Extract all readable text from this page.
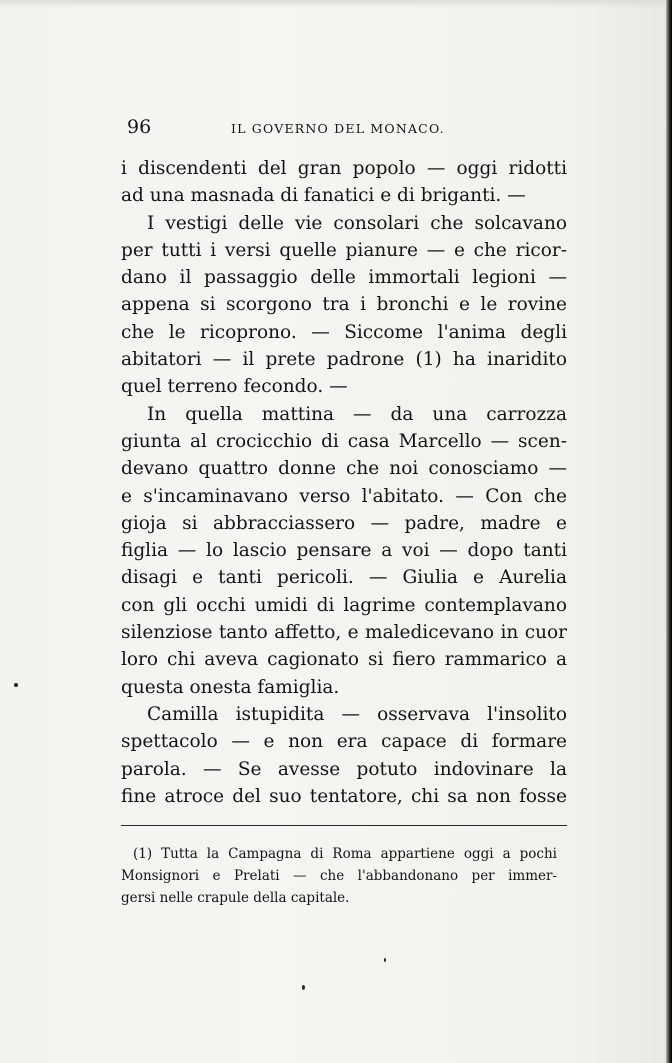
96	IL GOVERNO DEL MONACO.
i discendenti del gran popolo — oggi ridotti
ad una masnada di fanatici e di briganti. —
I vestigi delle vie consolari che solcavano
per tutti i versi quelle pianure — e che ricor-
dano il passaggio delle immortali legioni —
appena si scorgono tra i bronchi e le rovine
che le ricoprono. — Siccome l'anima degli
abitatori — il prete padrone (1) ha inaridito
quel terreno fecondo. —
In quella mattina — da una carrozza
giunta al crocicchio di casa Marcello — scen-
devano quattro donne che noi conosciamo —
e s'incaminavano verso l'abitato. — Con che
gioja si abbracciassero — padre, madre e
figlia — lo lascio pensare a voi — dopo tanti
disagi e tanti pericoli. — Giulia e Aurelia
con gli occhi umidi di lagrime contemplavano
silenziose tanto affetto, e maledicevano in cuor
loro chi aveva cagionato si fiero rammarico a
questa onesta famiglia.
Camilla istupidita — osservava l'insolito
spettacolo — e non era capace di formare
parola. — Se avesse potuto indovinare la
fine atroce del suo tentatore, chi sa non fosse
(1) Tutta la Campagna di Roma appartiene oggi a pochi
Monsignori e Prelati — che l'abbandonano per immer-
gersi nelle crapule della capitale.
